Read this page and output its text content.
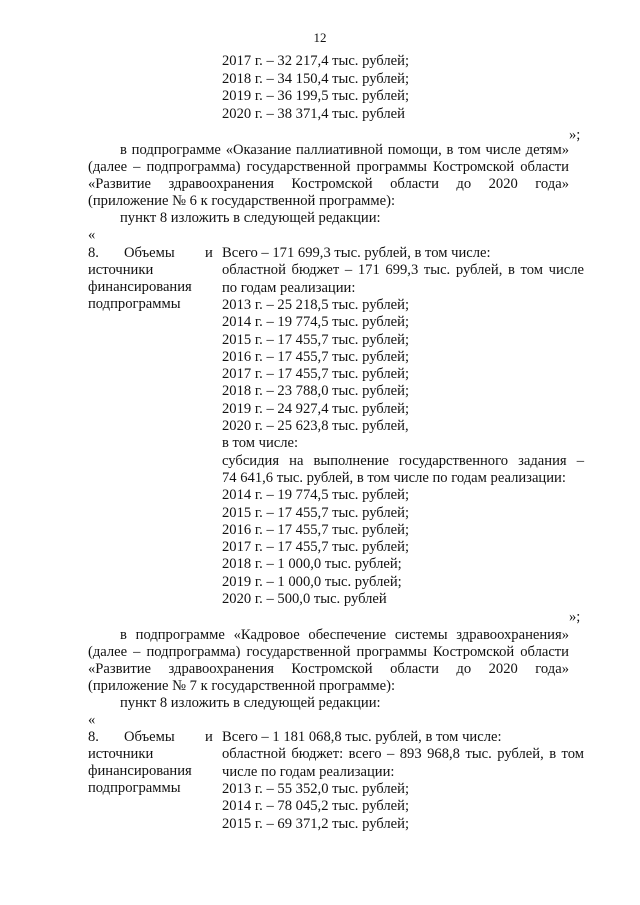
12
»;
пункт 8 изложить в следующей редакции:
«
8. Объемы и
источники
финансирования
подпрограммы
»;
пункт 8 изложить в следующей редакции:
«
8. Объемы и
источники
финансирования
подпрограммы
2017 г. – 32 217,4 тыс. рублей;
2018 г. – 34 150,4 тыс. рублей;
2019 г. – 36 199,5 тыс. рублей;
2020 г. – 38 371,4 тыс. рублей
в подпрограмме «Оказание паллиативной помощи, в том числе детям»
(далее – подпрограмма) государственной программы Костромской области
«Развитие здравоохранения Костромской области до 2020 года»
(приложение № 6 к государственной программе):
Всего – 171 699,3 тыс. рублей, в том числе:
областной бюджет – 171 699,3 тыс. рублей, в том числе
по годам реализации:
2013 г. – 25 218,5 тыс. рублей;
2014 г. – 19 774,5 тыс. рублей;
2015 г. – 17 455,7 тыс. рублей;
2016 г. – 17 455,7 тыс. рублей;
2017 г. – 17 455,7 тыс. рублей;
2018 г. – 23 788,0 тыс. рублей;
2019 г. – 24 927,4 тыс. рублей;
2020 г. – 25 623,8 тыс. рублей,
в том числе:
субсидия на выполнение государственного задания –
74 641,6 тыс. рублей, в том числе по годам реализации:
2014 г. – 19 774,5 тыс. рублей;
2015 г. – 17 455,7 тыс. рублей;
2016 г. – 17 455,7 тыс. рублей;
2017 г. – 17 455,7 тыс. рублей;
2018 г. – 1 000,0 тыс. рублей;
2019 г. – 1 000,0 тыс. рублей;
2020 г. – 500,0 тыс. рублей
в подпрограмме «Кадровое обеспечение системы здравоохранения»
(далее – подпрограмма) государственной программы Костромской области
«Развитие здравоохранения Костромской области до 2020 года»
(приложение № 7 к государственной программе):
Всего – 1 181 068,8 тыс. рублей, в том числе:
областной бюджет: всего – 893 968,8 тыс. рублей, в том
числе по годам реализации:
2013 г. – 55 352,0 тыс. рублей;
2014 г. – 78 045,2 тыс. рублей;
2015 г. – 69 371,2 тыс. рублей;
